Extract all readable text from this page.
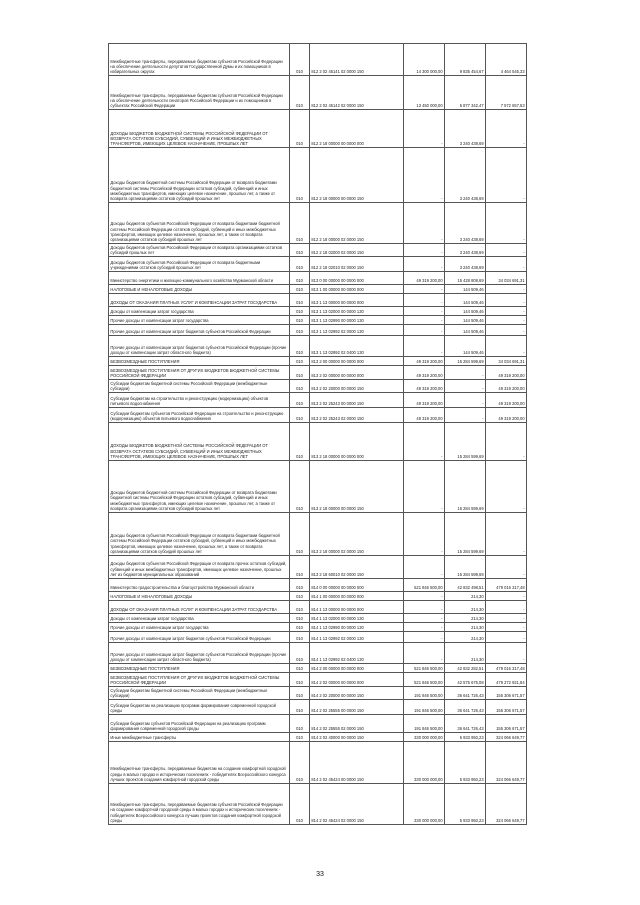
Межбюджетные трансферты, передаваемые бюджетам субъектов Российской Федерации на обеспечение деятельности депутатов Государственной Думы и их помощников в избирательных округах	010	812 2 02 45141 02 0000 150	14 300 000,00	9 835 454,67	4 464 545,33
Межбюджетные трансферты, передаваемые бюджетам субъектов Российской Федерации на обеспечение деятельности сенаторов Российской Федерации и их помощников в субъектах Российской Федерации	010	812 2 02 45142 02 0000 150	13 450 000,00	5 877 342,47	7 572 657,53
ДОХОДЫ БЮДЖЕТОВ БЮДЖЕТНОЙ СИСТЕМЫ РОССИЙСКОЙ ФЕДЕРАЦИИ ОТ ВОЗВРАТА ОСТАТКОВ СУБСИДИЙ, СУБВЕНЦИЙ И ИНЫХ МЕЖБЮДЖЕТНЫХ ТРАНСФЕРТОВ, ИМЕЮЩИХ ЦЕЛЕВОЕ НАЗНАЧЕНИЕ, ПРОШЛЫХ ЛЕТ	010	812 2 18 00000 00 0000 000	-	3 240 438,69	-
Доходы бюджетов бюджетной системы Российской Федерации от возврата бюджетами бюджетной системы Российской Федерации остатков субсидий, субвенций и иных межбюджетных трансфертов, имеющих целевое назначение, прошлых лет, а также от возврата организациями остатков субсидий прошлых лет	010	812 2 18 00000 00 0000 150	-	3 240 438,69	-
Доходы бюджетов субъектов Российской Федерации от возврата бюджетами бюджетной системы Российской Федерации остатков субсидий, субвенций и иных межбюджетных трансфертов, имеющих целевое назначение, прошлых лет, а также от возврата организациями остатков субсидий прошлых лет	010	812 2 18 00000 02 0000 150	-	3 240 438,69	-
Доходы бюджетов субъектов Российской Федерации от возврата организациями остатков субсидий прошлых лет	010	812 2 18 02000 02 0000 150	-	3 240 438,69	-
Доходы бюджетов субъектов Российской Федерации от возврата бюджетными учреждениями остатков субсидий прошлых лет	010	812 2 18 02010 02 0000 150	-	3 240 438,69	-
Министерство энергетики и жилищно-коммунального хозяйства Мурманской области	010	813 0 00 00000 00 0000 000	49 319 200,00	15 428 808,69	34 034 691,31
НАЛОГОВЫЕ И НЕНАЛОГОВЫЕ ДОХОДЫ	010	813 1 00 00000 00 0000 000	-	144 509,46	-
ДОХОДЫ ОТ ОКАЗАНИЯ ПЛАТНЫХ УСЛУГ И КОМПЕНСАЦИИ ЗАТРАТ ГОСУДАРСТВА	010	813 1 13 00000 00 0000 000	-	144 509,46	-
Доходы от компенсации затрат государства	010	813 1 13 02000 00 0000 130	-	144 509,46	-
Прочие доходы от компенсации затрат государства	010	813 1 13 02990 00 0000 130	-	144 509,46	-
Прочие доходы от компенсации затрат бюджетов субъектов Российской Федерации	010	813 1 13 02992 02 0000 130	-	144 509,46	-
Прочие доходы от компенсации затрат бюджетов субъектов Российской Федерации (прочие доходы от компенсации затрат областного бюджета)	010	813 1 13 02992 02 0400 130	-	144 509,46	-
БЕЗВОЗМЕЗДНЫЕ ПОСТУПЛЕНИЯ	010	813 2 00 00000 00 0000 000	49 319 200,00	15 284 599,69	34 034 691,31
БЕЗВОЗМЕЗДНЫЕ ПОСТУПЛЕНИЯ ОТ ДРУГИХ БЮДЖЕТОВ БЮДЖЕТНОЙ СИСТЕМЫ РОССИЙСКОЙ ФЕДЕРАЦИИ	010	813 2 02 00000 00 0000 000	49 319 200,00	-	49 319 200,00
Субсидии бюджетам бюджетной системы Российской Федерации (межбюджетные субсидии)	010	813 2 02 20000 00 0000 150	49 319 200,00	-	49 319 200,00
Субсидии бюджетам на строительство и реконструкцию (модернизацию) объектов питьевого водоснабжения	010	813 2 02 25243 00 0000 150	49 319 200,00	-	49 319 200,00
Субсидии бюджетам субъектов Российской Федерации на строительство и реконструкцию (модернизацию) объектов питьевого водоснабжения	010	813 2 02 25243 02 0000 150	49 319 200,00	-	49 319 200,00
ДОХОДЫ БЮДЖЕТОВ БЮДЖЕТНОЙ СИСТЕМЫ РОССИЙСКОЙ ФЕДЕРАЦИИ ОТ ВОЗВРАТА ОСТАТКОВ СУБСИДИЙ, СУБВЕНЦИЙ И ИНЫХ МЕЖБЮДЖЕТНЫХ ТРАНСФЕРТОВ, ИМЕЮЩИХ ЦЕЛЕВОЕ НАЗНАЧЕНИЕ, ПРОШЛЫХ ЛЕТ	010	813 2 18 00000 00 0000 000	-	15 284 599,69	-
Доходы бюджетов бюджетной системы Российской Федерации от возврата бюджетами бюджетной системы Российской Федерации остатков субсидий, субвенций и иных межбюджетных трансфертов, имеющих целевое назначение, прошлых лет, а также от возврата организациями остатков субсидий прошлых лет	010	813 2 18 00000 00 0000 150	-	15 284 599,69	-
Доходы бюджетов субъектов Российской Федерации от возврата бюджетами бюджетной системы Российской Федерации остатков субсидий, субвенций и иных межбюджетных трансфертов, имеющих целевое назначение, прошлых лет, а также от возврата организациями остатков субсидий прошлых лет	010	813 2 18 00000 02 0000 150	-	15 284 599,69	-
Доходы бюджетов субъектов Российской Федерации от возврата прочих остатков субсидий, субвенций и иных межбюджетных трансфертов, имеющих целевое назначение, прошлых лет из бюджетов муниципальных образований	010	813 2 18 60010 02 0000 150	-	15 284 599,69	-
Министерство градостроительства и благоустройства Мурманской области	010	814 0 00 00000 00 0000 000	521 846 500,00	42 832 498,51	479 016 317,48
НАЛОГОВЫЕ И НЕНАЛОГОВЫЕ ДОХОДЫ	010	814 1 00 00000 00 0000 000	-	214,30	-
ДОХОДЫ ОТ ОКАЗАНИЯ ПЛАТНЫХ УСЛУГ И КОМПЕНСАЦИИ ЗАТРАТ ГОСУДАРСТВА	010	814 1 13 00000 00 0000 000	-	214,30	-
Доходы от компенсации затрат государства	010	814 1 13 02000 00 0000 130	-	214,30	-
Прочие доходы от компенсации затрат государства	010	814 1 13 02990 00 0000 130	-	214,30	-
Прочие доходы от компенсации затрат бюджетов субъектов Российской Федерации	010	814 1 13 02992 02 0000 130	-	214,30	-
Прочие доходы от компенсации затрат бюджетов субъектов Российской Федерации (прочие доходы от компенсации затрат областного бюджета)	010	814 1 13 02992 02 0400 130	-	214,30	-
БЕЗВОЗМЕЗДНЫЕ ПОСТУПЛЕНИЯ	010	814 2 00 00000 00 0000 000	521 846 500,00	42 832 282,51	479 016 317,48
БЕЗВОЗМЕЗДНЫЕ ПОСТУПЛЕНИЯ ОТ ДРУГИХ БЮДЖЕТОВ БЮДЖЕТНОЙ СИСТЕМЫ РОССИЙСКОЙ ФЕДЕРАЦИИ	010	814 2 02 00000 00 0000 000	521 846 500,00	42 575 675,08	479 272 921,84
Субсидии бюджетам бюджетной системы Российской Федерации (межбюджетные субсидии)	010	814 2 02 20000 00 0000 150	191 846 500,00	36 641 726,43	155 306 671,57
Субсидии бюджетам на реализацию программ формирования современной городской среды	010	814 2 02 25555 00 0000 150	191 846 500,00	36 641 726,43	155 306 671,57
Субсидии бюджетам субъектов Российской Федерации на реализацию программ формирования современной городской среды	010	814 2 02 25555 02 0000 150	191 846 500,00	36 641 726,43	155 306 671,57
Иные межбюджетные трансферты	010	814 2 02 40000 00 0000 150	330 000 000,00	5 933 950,23	324 066 649,77
Межбюджетные трансферты, передаваемые бюджетам на создание комфортной городской среды в малых городах и исторических поселениях - победителях Всероссийского конкурса лучших проектов создания комфортной городской среды	010	814 2 02 45424 00 0000 150	330 000 000,00	5 933 950,23	324 066 649,77
Межбюджетные трансферты, передаваемые бюджетам субъектов Российской Федерации на создание комфортной городской среды в малых городах и исторических поселениях - победителях Всероссийского конкурса лучших проектов создания комфортной городской среды	010	814 2 02 45424 02 0000 150	330 000 000,00	5 933 950,23	324 066 649,77
33
